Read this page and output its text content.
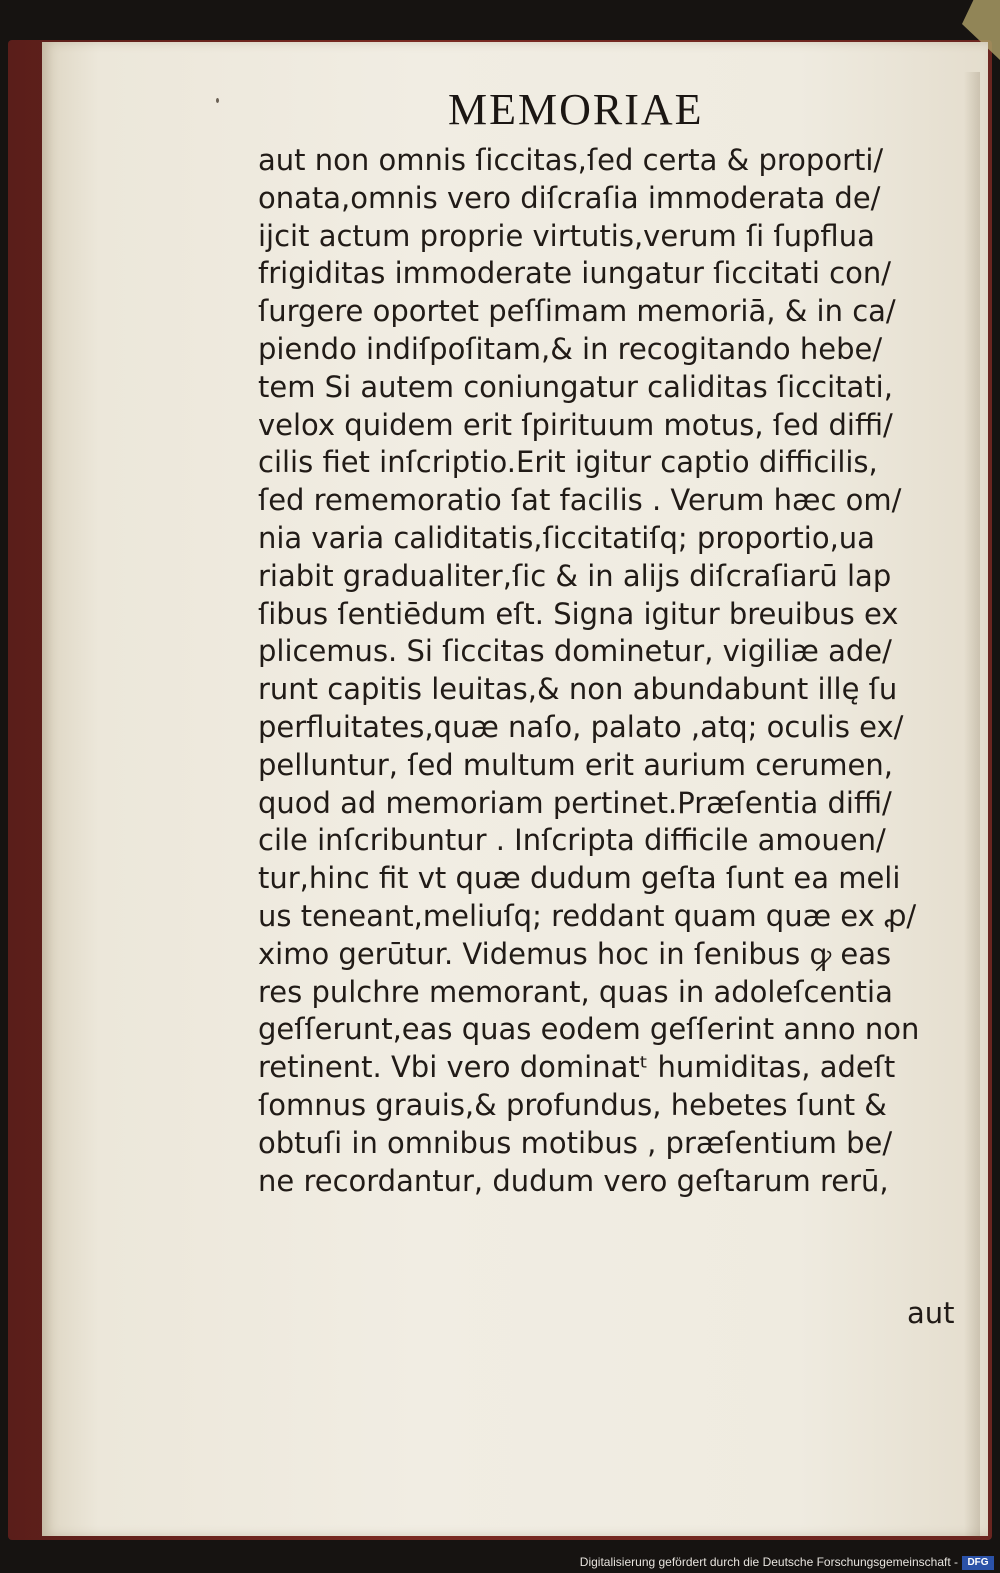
MEMORIAE
aut non omnis ſiccitas,ſed certa & proporti/
onata,omnis vero diſcraſia immoderata de/
ijcit actum proprie virtutis,verum ſi ſupflua
frigiditas immoderate iungatur ſiccitati con/
ſurgere oportet peſſimam memoriā, & in ca/
piendo indiſpoſitam,& in recogitando hebe/
tem Si autem coniungatur caliditas ſiccitati,
velox quidem erit ſpirituum motus, ſed diffi/
cilis fiet inſcriptio.Erit igitur captio difficilis,
ſed rememoratio ſat facilis . Verum hæc om/
nia varia caliditatis,ſiccitatiſq; proportio,ua
riabit gradualiter,ſic & in alijs diſcraſiarū lap
ſibus ſentiēdum eſt. Signa igitur breuibus ex
plicemus. Si ſiccitas dominetur, vigiliæ ade/
runt capitis leuitas,& non abundabunt illę ſu
perfluitates,quæ naſo, palato ,atq; oculis ex/
pelluntur, ſed multum erit aurium cerumen,
quod ad memoriam pertinet.Præſentia diffi/
cile inſcribuntur . Inſcripta difficile amouen/
tur,hinc fit vt quæ dudum geſta ſunt ea meli
us teneant,meliuſq; reddant quam quæ ex ꝓ/
ximo gerūtur. Videmus hoc in ſenibus ꝙ eas
res pulchre memorant, quas in adoleſcentia
geſſerunt,eas quas eodem geſſerint anno non
retinent. Vbi vero dominatᵗ humiditas, adeſt
ſomnus grauis,& profundus, hebetes ſunt &
obtuſi in omnibus motibus , præſentium be/
ne recordantur, dudum vero geſtarum rerū,
aut
Digitalisierung gefördert durch die Deutsche Forschungsgemeinschaft - DFG
